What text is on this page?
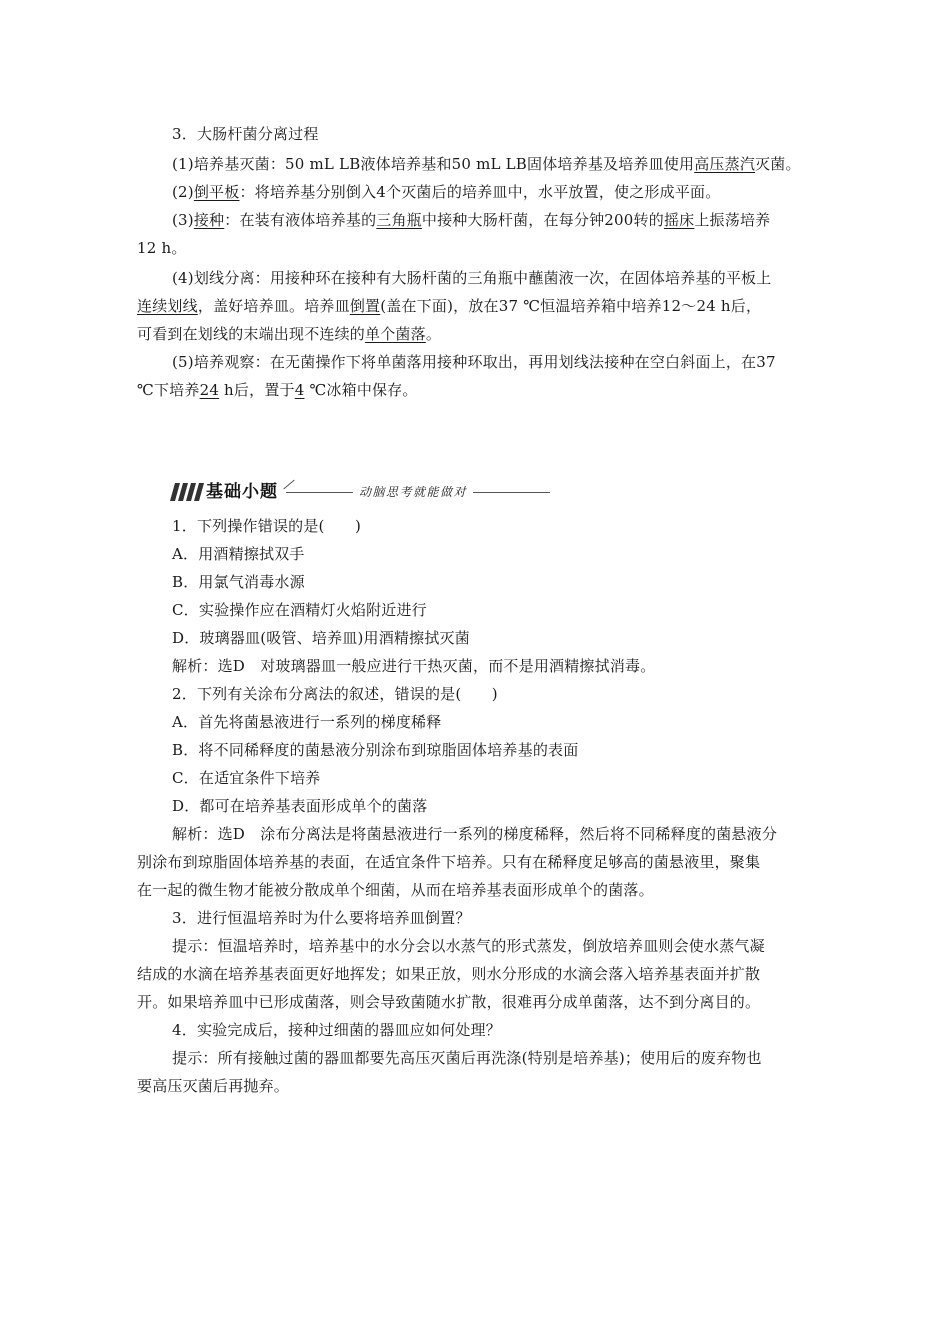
3．大肠杆菌分离过程
(1)培养基灭菌：50 mL LB液体培养基和50 mL LB固体培养基及培养皿使用高压蒸汽灭菌。
(2)倒平板：将培养基分别倒入4个灭菌后的培养皿中，水平放置，使之形成平面。
(3)接种：在装有液体培养基的三角瓶中接种大肠杆菌，在每分钟200转的摇床上振荡培养
12 h。
(4)划线分离：用接种环在接种有大肠杆菌的三角瓶中蘸菌液一次，在固体培养基的平板上
连续划线，盖好培养皿。培养皿倒置(盖在下面)，放在37 ℃恒温培养箱中培养12～24 h后，
可看到在划线的末端出现不连续的单个菌落。
(5)培养观察：在无菌操作下将单菌落用接种环取出，再用划线法接种在空白斜面上，在37
℃下培养24 h后，置于4 ℃冰箱中保存。
基础小题	动脑思考就能做对
1．下列操作错误的是(　　)
A．用酒精擦拭双手
B．用氯气消毒水源
C．实验操作应在酒精灯火焰附近进行
D．玻璃器皿(吸管、培养皿)用酒精擦拭灭菌
解析：选D　对玻璃器皿一般应进行干热灭菌，而不是用酒精擦拭消毒。
2．下列有关涂布分离法的叙述，错误的是(　　)
A．首先将菌悬液进行一系列的梯度稀释
B．将不同稀释度的菌悬液分别涂布到琼脂固体培养基的表面
C．在适宜条件下培养
D．都可在培养基表面形成单个的菌落
解析：选D　涂布分离法是将菌悬液进行一系列的梯度稀释，然后将不同稀释度的菌悬液分
别涂布到琼脂固体培养基的表面，在适宜条件下培养。只有在稀释度足够高的菌悬液里，聚集
在一起的微生物才能被分散成单个细菌，从而在培养基表面形成单个的菌落。
3．进行恒温培养时为什么要将培养皿倒置？
提示：恒温培养时，培养基中的水分会以水蒸气的形式蒸发，倒放培养皿则会使水蒸气凝
结成的水滴在培养基表面更好地挥发；如果正放，则水分形成的水滴会落入培养基表面并扩散
开。如果培养皿中已形成菌落，则会导致菌随水扩散，很难再分成单菌落，达不到分离目的。
4．实验完成后，接种过细菌的器皿应如何处理？
提示：所有接触过菌的器皿都要先高压灭菌后再洗涤(特别是培养基)；使用后的废弃物也
要高压灭菌后再抛弃。
